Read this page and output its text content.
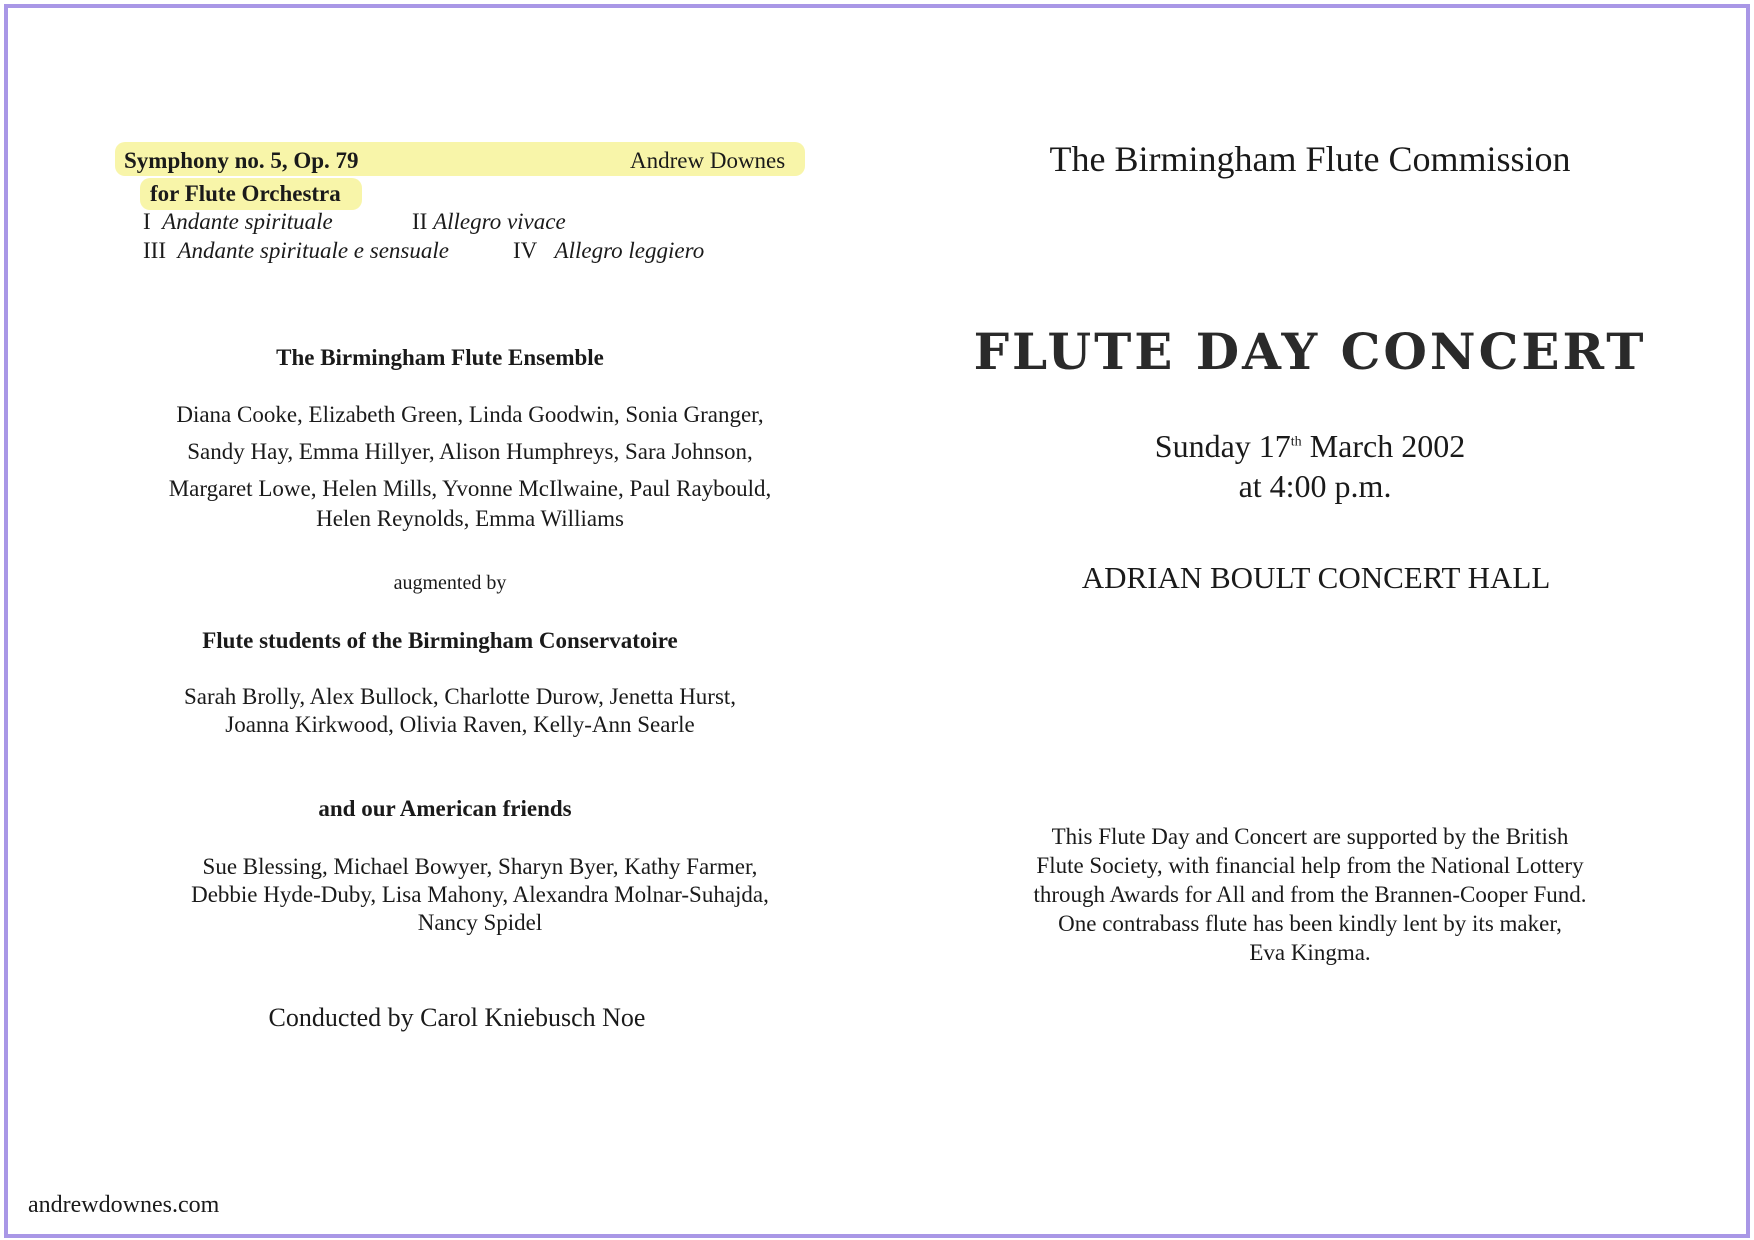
Symphony no. 5, Op. 79	Andrew Downes
for Flute Orchestra
I Andante spirituale	II Allegro vivace
III Andante spirituale e sensuale	IV Allegro leggiero
The Birmingham Flute Ensemble

Diana Cooke, Elizabeth Green, Linda Goodwin, Sonia Granger,

Sandy Hay, Emma Hillyer, Alison Humphreys, Sara Johnson,

Margaret Lowe, Helen Mills, Yvonne McIlwaine, Paul Raybould,

Helen Reynolds, Emma Williams

augmented by
Flute students of the Birmingham Conservatoire

Sarah Brolly, Alex Bullock, Charlotte Durow, Jenetta Hurst,

Joanna Kirkwood, Olivia Raven, Kelly-Ann Searle

and our American friends

Sue Blessing, Michael Bowyer, Sharyn Byer, Kathy Farmer,

Debbie Hyde-Duby, Lisa Mahony, Alexandra Molnar-Suhajda,

Nancy Spidel

Conducted by Carol Kniebusch Noe
andrewdownes.com
The Birmingham Flute Commission
FLUTE DAY CONCERT
Sunday 17th March 2002
at 4:00 p.m.
ADRIAN BOULT CONCERT HALL

This Flute Day and Concert are supported by the British

Flute Society, with financial help from the National Lottery

through Awards for All and from the Brannen-Cooper Fund.

One contrabass flute has been kindly lent by its maker,

Eva Kingma.
